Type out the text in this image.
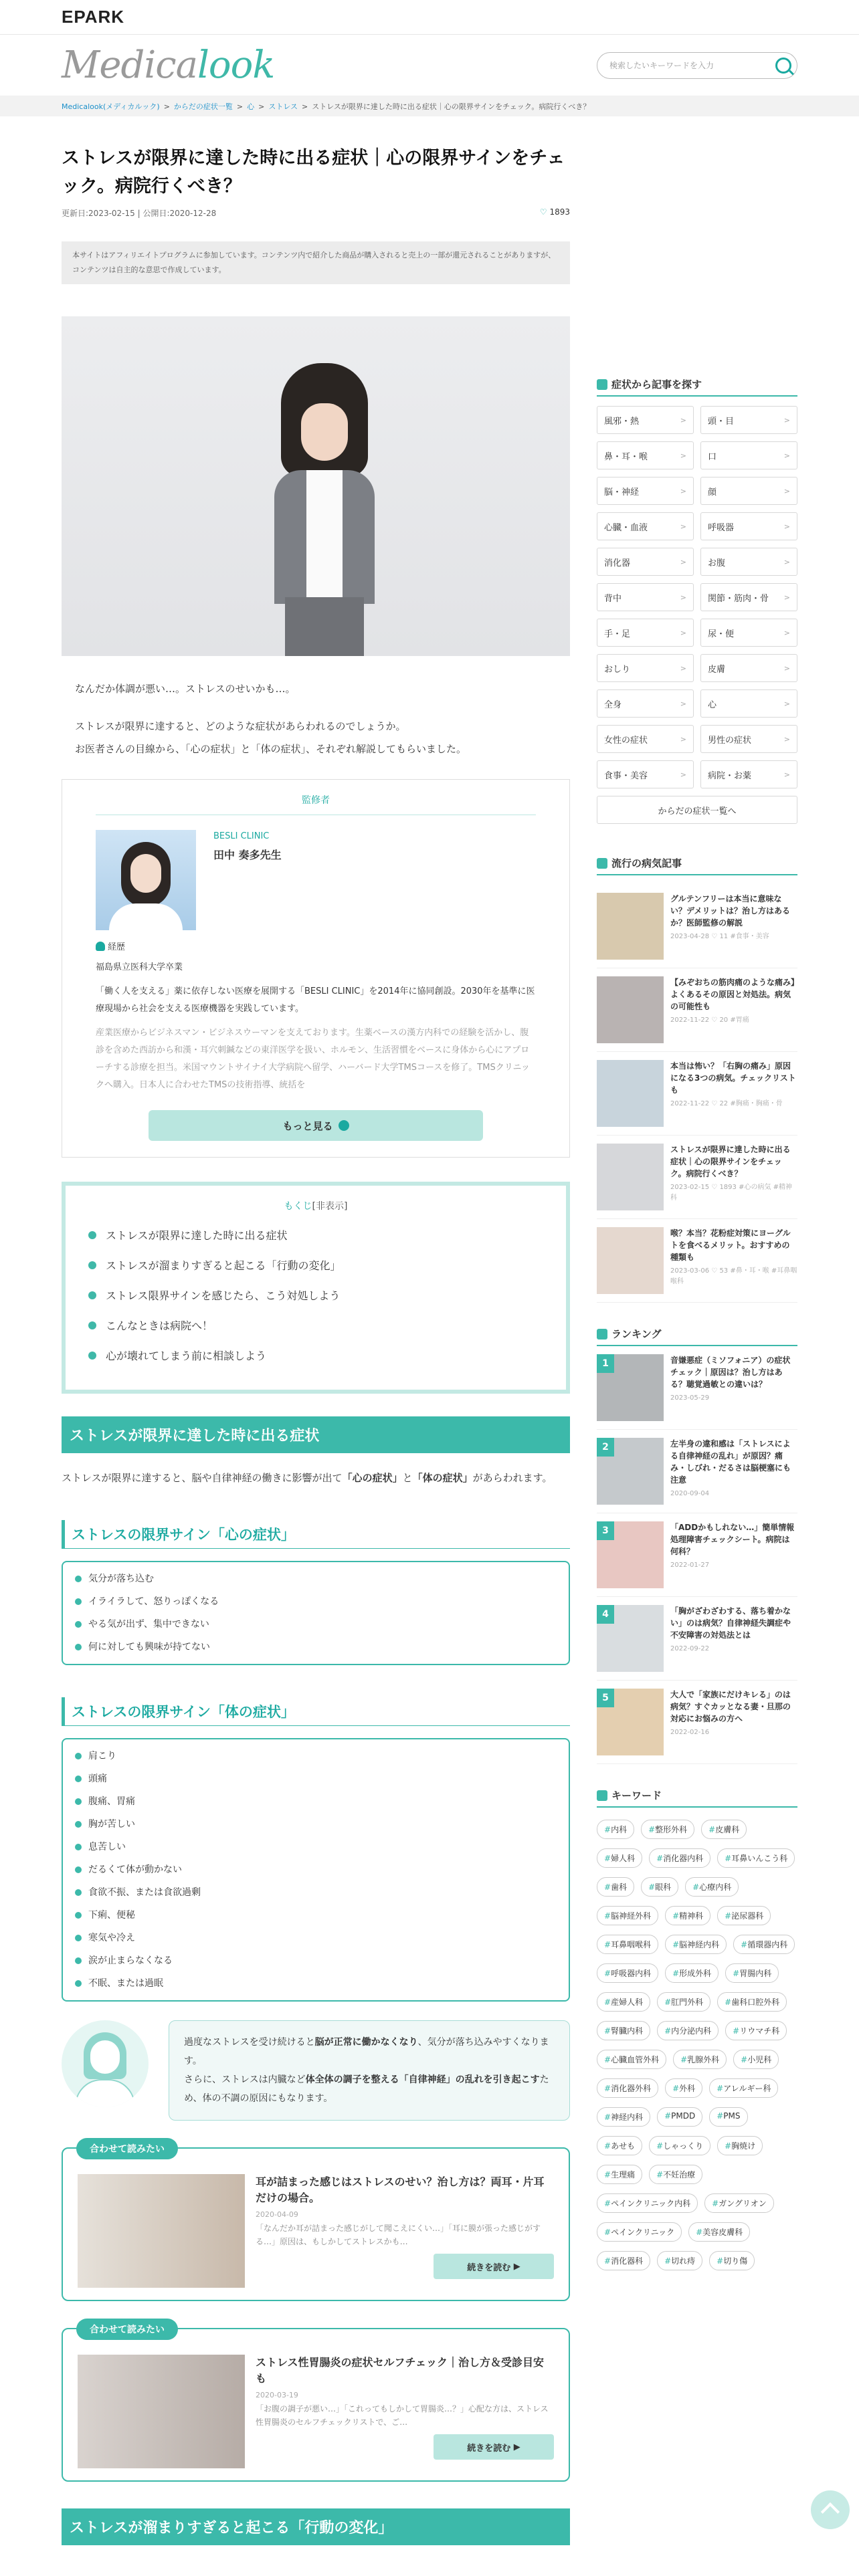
EPARK
Medicalook	検索したいキーワードを入力
Medicalook(メディカルック) > からだの症状一覧 > 心 > ストレス > ストレスが限界に達した時に出る症状｜心の限界サインをチェック。病院行くべき？
ストレスが限界に達した時に出る症状｜心の限界サインをチェック。病院行くべき？
更新日:2023-02-15 | 公開日:2020-12-28	♡ 1893
本サイトはアフィリエイトプログラムに参加しています。コンテンツ内で紹介した商品が購入されると売上の一部が還元されることがありますが、コンテンツは自主的な意思で作成しています。

なんだか体調が悪い…。ストレスのせいかも…。

ストレスが限界に達すると、どのような症状があらわれるのでしょうか。

お医者さんの目線から、「心の症状」と「体の症状」、それぞれ解説してもらいました。

監修者
BESLI CLINIC
田中 奏多先生
経歴
福島県立医科大学卒業
「働く人を支える」薬に依存しない医療を展開する「BESLI CLINIC」を2014年に協同創設。2030年を基準に医療現場から社会を支える医療機器を実践しています。
産業医療からビジネスマン・ビジネスウーマンを支えております。生薬ベースの漢方内科での経験を活かし、腹診を含めた西訪から和漢・耳穴刺鍼などの東洋医学を扱い、ホルモン、生活習慣をベースに身体から心にアプローチする診療を担当。米国マウントサイナイ大学病院へ留学、ハーバード大学TMSコースを修了。TMSクリニックへ購入。日本人に合わせたTMSの技術指導、統括を
もっと見る
もくじ[非表示]
ストレスが限界に達した時に出る症状
ストレスが溜まりすぎると起こる「行動の変化」
ストレス限界サインを感じたら、こう対処しよう
こんなときは病院へ！
心が壊れてしまう前に相談しよう
ストレスが限界に達した時に出る症状

ストレスが限界に達すると、脳や自律神経の働きに影響が出て「心の症状」と「体の症状」があらわれます。

ストレスの限界サイン「心の症状」
気分が落ち込む
イライラして、怒りっぽくなる
やる気が出ず、集中できない
何に対しても興味が持てない
ストレスの限界サイン「体の症状」
肩こり
頭痛
腹痛、胃痛
胸が苦しい
息苦しい
だるくて体が動かない
食欲不振、または食欲過剰
下痢、便秘
寒気や冷え
涙が止まらなくなる
不眠、または過眠
過度なストレスを受け続けると脳が正常に働かなくなり、気分が落ち込みやすくなります。
さらに、ストレスは内臓など体全体の調子を整える「自律神経」の乱れを引き起こすため、体の不調の原因にもなります。
合わせて読みたい
耳が詰まった感じはストレスのせい？治し方は？両耳・片耳だけの場合。
2020-04-09
「なんだか耳が詰まった感じがして聞こえにくい…」「耳に膜が張った感じがする…」原因は、もしかしてストレスかも…
続きを読む ▶
合わせて読みたい
ストレス性胃腸炎の症状セルフチェック｜治し方＆受診目安も
2020-03-19
「お腹の調子が悪い…」「これってもしかして胃腸炎…？」心配な方は、ストレス性胃腸炎のセルフチェックリストで、ご…
続きを読む ▶
ストレスが溜まりすぎると起こる「行動の変化」
症状から記事を探す
風邪・熱 >	頭・目 >
鼻・耳・喉 >	口 >
脳・神経 >	顔 >
心臓・血液 >	呼吸器 >
消化器 >	お腹 >
背中 >	関節・筋肉・骨 >
手・足 >	尿・便 >
おしり >	皮膚 >
全身 >	心 >
女性の症状 >	男性の症状 >
食事・美容 >	病院・お薬 >
からだの症状一覧へ
流行の病気記事
グルテンフリーは本当に意味ない？デメリットは？治し方はあるか？医師監修の解説
2023-04-28 ♡ 11 #食事・美容
【みぞおちの筋肉痛のような痛み】よくあるその原因と対処法。病気の可能性も
2022-11-22 ♡ 20 #胃痛
本当は怖い？「右胸の痛み」原因になる3つの病気。チェックリストも
2022-11-22 ♡ 22 #胸痛・胸痛・骨
ストレスが限界に達した時に出る症状｜心の限界サインをチェック。病院行くべき？
2023-02-15 ♡ 1893 #心の病気 #精神科
喉？本当？花粉症対策にヨーグルトを食べるメリット。おすすめの種類も
2023-03-06 ♡ 53 #鼻・耳・喉 #耳鼻咽喉科
ランキング
1	音嫌悪症（ミソフォニア）の症状チェック｜原因は？治し方はある？聴覚過敏との違いは？
2023-05-29
2	左半身の違和感は「ストレスによる自律神経の乱れ」が原因？痛み・しびれ・だるさは脳梗塞にも注意
2020-09-04
3	「ADDかもしれない…」簡単情報処理障害チェックシート。病院は何科？
2022-01-27
4	「胸がざわざわする、落ち着かない」のは病気？自律神経失調症や不安障害の対処法とは
2022-09-22
5	大人で「家族にだけキレる」のは病気？すぐカッとなる妻・旦那の対応にお悩みの方へ
2022-02-16
キーワード
# 内科	# 整形外科	# 皮膚科
# 婦人科	# 消化器内科	# 耳鼻いんこう科
# 歯科	# 眼科	# 心療内科
# 脳神経外科	# 精神科	# 泌尿器科
# 耳鼻咽喉科	# 脳神経内科	# 循環器内科
# 呼吸器内科	# 形成外科	# 胃腸内科
# 産婦人科	# 肛門外科	# 歯科口腔外科
# 腎臓内科	# 内分泌内科	# リウマチ科
# 心臓血管外科	# 乳腺外科	# 小児科
# 消化器外科	# 外科	# アレルギー科
# 神経内科	# PMDD	# PMS
# あせも	# しゃっくり	# 胸焼け
# 生理痛	# 不妊治療
# ペインクリニック内科	# ガングリオン
# ペインクリニック	# 美容皮膚科
# 消化器科	# 切れ痔	# 切り傷
